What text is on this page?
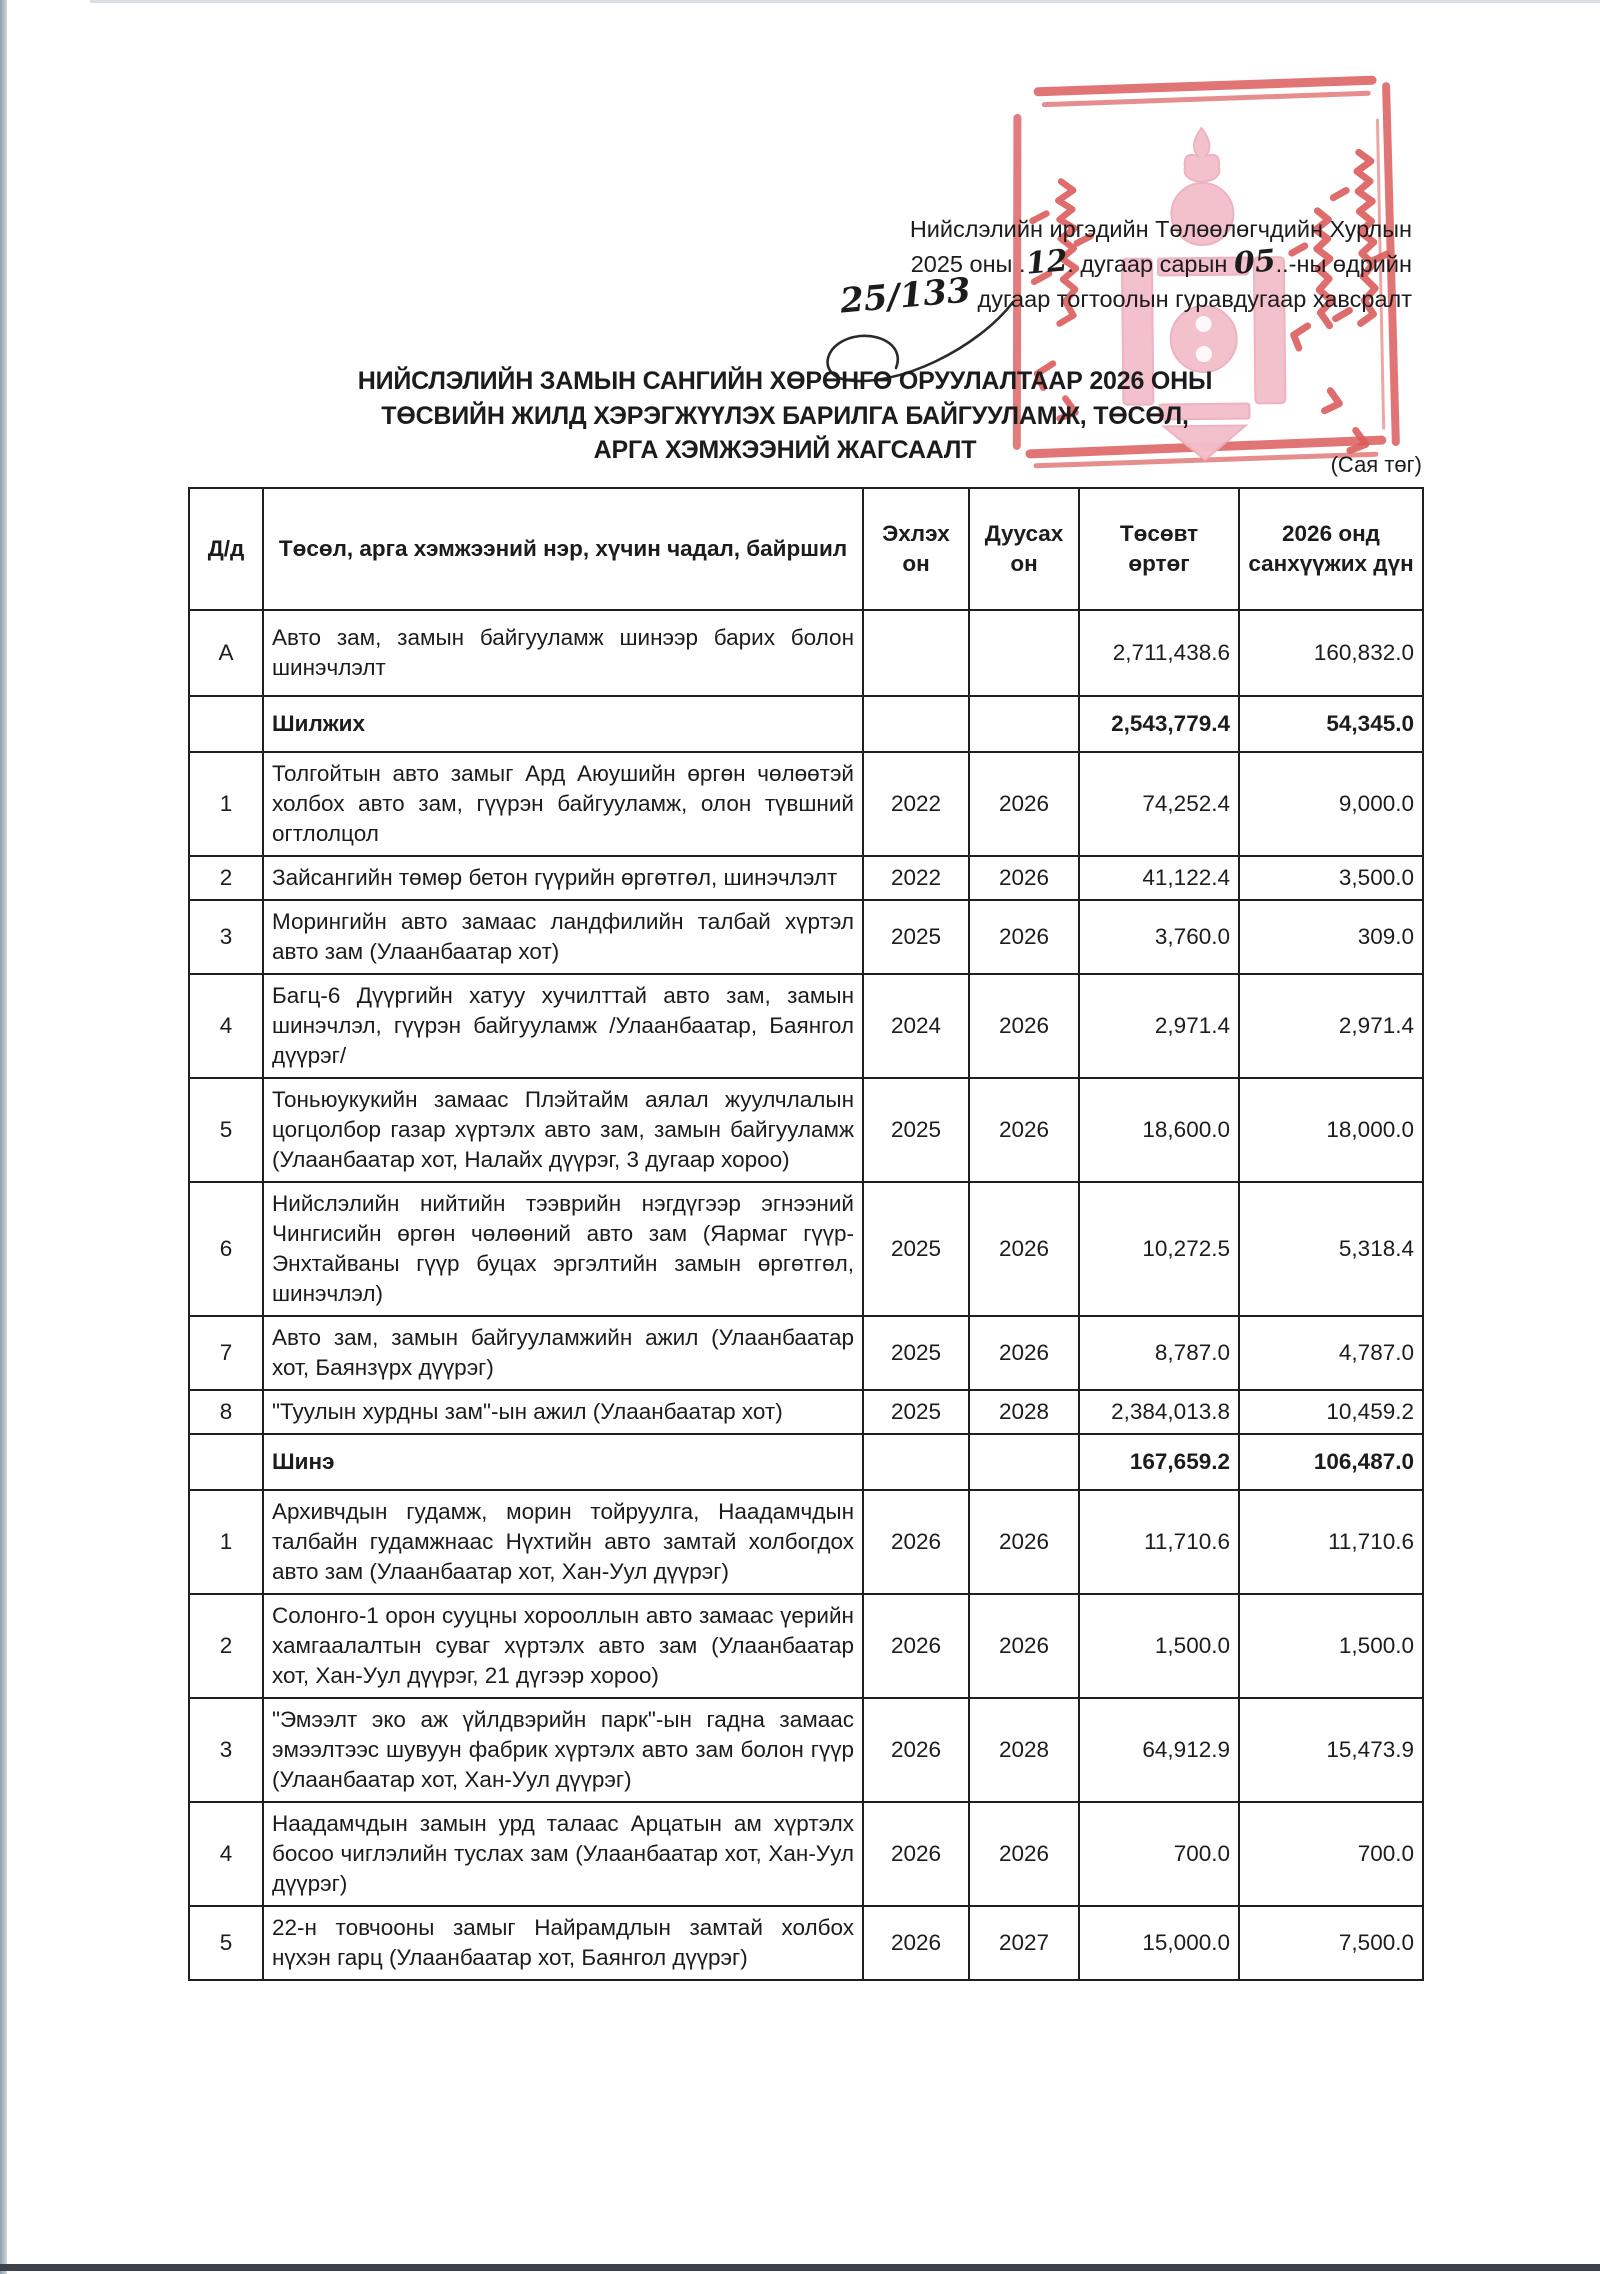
Нийслэлийн иргэдийн Төлөөлөгчдийн Хурлын
2025 оны .12. дугаар сарын 05..-ны өдрийн
25/133 дугаар тогтоолын гуравдугаар хавсралт
НИЙСЛЭЛИЙН ЗАМЫН САНГИЙН ХӨРӨНГӨ ОРУУЛАЛТААР 2026 ОНЫ
ТӨСВИЙН ЖИЛД ХЭРЭГЖҮҮЛЭХ БАРИЛГА БАЙГУУЛАМЖ, ТӨСӨЛ,
АРГА ХЭМЖЭЭНИЙ ЖАГСААЛТ
(Сая төг)
Д/д	Төсөл, арга хэмжээний нэр, хүчин чадал, байршил	Эхлэх он	Дуусах он	Төсөвт өртөг	2026 онд санхүүжих дүн
А	Авто зам, замын байгууламж шинээр барих болон шинэчлэлт			2,711,438.6	160,832.0
	Шилжих			2,543,779.4	54,345.0
1	Толгойтын авто замыг Ард Аюушийн өргөн чөлөөтэй холбох авто зам, гүүрэн байгууламж, олон түвшний огтлолцол	2022	2026	74,252.4	9,000.0
2	Зайсангийн төмөр бетон гүүрийн өргөтгөл, шинэчлэлт	2022	2026	41,122.4	3,500.0
3	Морингийн авто замаас ландфилийн талбай хүртэл авто зам (Улаанбаатар хот)	2025	2026	3,760.0	309.0
4	Багц-6 Дүүргийн хатуу хучилттай авто зам, замын шинэчлэл, гүүрэн байгууламж /Улаанбаатар, Баянгол дүүрэг/	2024	2026	2,971.4	2,971.4
5	Тоньюукукийн замаас Плэйтайм аялал жуулчлалын цогцолбор газар хүртэлх авто зам, замын байгууламж (Улаанбаатар хот, Налайх дүүрэг, 3 дугаар хороо)	2025	2026	18,600.0	18,000.0
6	Нийслэлийн нийтийн тээврийн нэгдүгээр эгнээний Чингисийн өргөн чөлөөний авто зам (Яармаг гүүр-Энхтайваны гүүр буцах эргэлтийн замын өргөтгөл, шинэчлэл)	2025	2026	10,272.5	5,318.4
7	Авто зам, замын байгууламжийн ажил (Улаанбаатар хот, Баянзүрх дүүрэг)	2025	2026	8,787.0	4,787.0
8	"Туулын хурдны зам"-ын ажил (Улаанбаатар хот)	2025	2028	2,384,013.8	10,459.2
	Шинэ			167,659.2	106,487.0
1	Архивчдын гудамж, морин тойруулга, Наадамчдын талбайн гудамжнаас Нүхтийн авто замтай холбогдох авто зам (Улаанбаатар хот, Хан-Уул дүүрэг)	2026	2026	11,710.6	11,710.6
2	Солонго-1 орон сууцны хорооллын авто замаас үерийн хамгаалалтын суваг хүртэлх авто зам (Улаанбаатар хот, Хан-Уул дүүрэг, 21 дүгээр хороо)	2026	2026	1,500.0	1,500.0
3	"Эмээлт эко аж үйлдвэрийн парк"-ын гадна замаас эмээлтээс шувуун фабрик хүртэлх авто зам болон гүүр (Улаанбаатар хот, Хан-Уул дүүрэг)	2026	2028	64,912.9	15,473.9
4	Наадамчдын замын урд талаас Арцатын ам хүртэлх босоо чиглэлийн туслах зам (Улаанбаатар хот, Хан-Уул дүүрэг)	2026	2026	700.0	700.0
5	22-н товчооны замыг Найрамдлын замтай холбох нүхэн гарц (Улаанбаатар хот, Баянгол дүүрэг)	2026	2027	15,000.0	7,500.0
